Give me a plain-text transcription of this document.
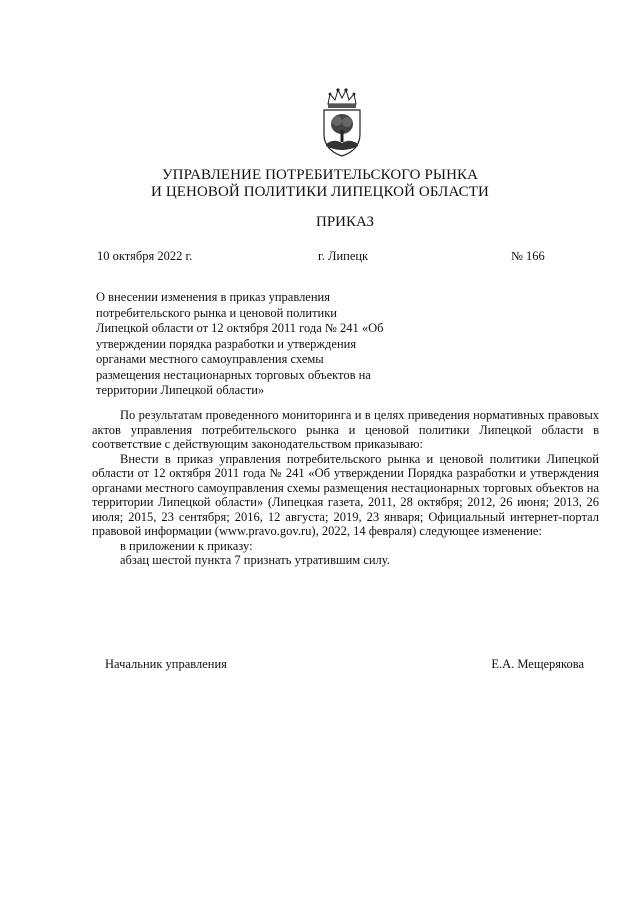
УПРАВЛЕНИЕ ПОТРЕБИТЕЛЬСКОГО РЫНКА
И ЦЕНОВОЙ ПОЛИТИКИ ЛИПЕЦКОЙ ОБЛАСТИ
ПРИКАЗ
10 октября 2022 г.	г. Липецк	№ 166
О внесении изменения в приказ управления потребительского рынка и ценовой политики Липецкой области от 12 октября 2011 года № 241 «Об утверждении порядка разработки и утверждения органами местного самоуправления схемы размещения нестационарных торговых объектов на территории Липецкой области»

По результатам проведенного мониторинга и в целях приведения нормативных правовых актов управления потребительского рынка и ценовой политики Липецкой области в соответствие с действующим законодательством приказываю:

Внести в приказ управления потребительского рынка и ценовой политики Липецкой области от 12 октября 2011 года № 241 «Об утверждении Порядка разработки и утверждения органами местного самоуправления схемы размещения нестационарных торговых объектов на территории Липецкой области» (Липецкая газета, 2011, 28 октября; 2012, 26 июня; 2013, 26 июля; 2015, 23 сентября; 2016, 12 августа; 2019, 23 января; Официальный интернет-портал правовой информации (www.pravo.gov.ru), 2022, 14 февраля) следующее изменение:

в приложении к приказу:

абзац шестой пункта 7 признать утратившим силу.

Начальник управления	Е.А. Мещерякова
